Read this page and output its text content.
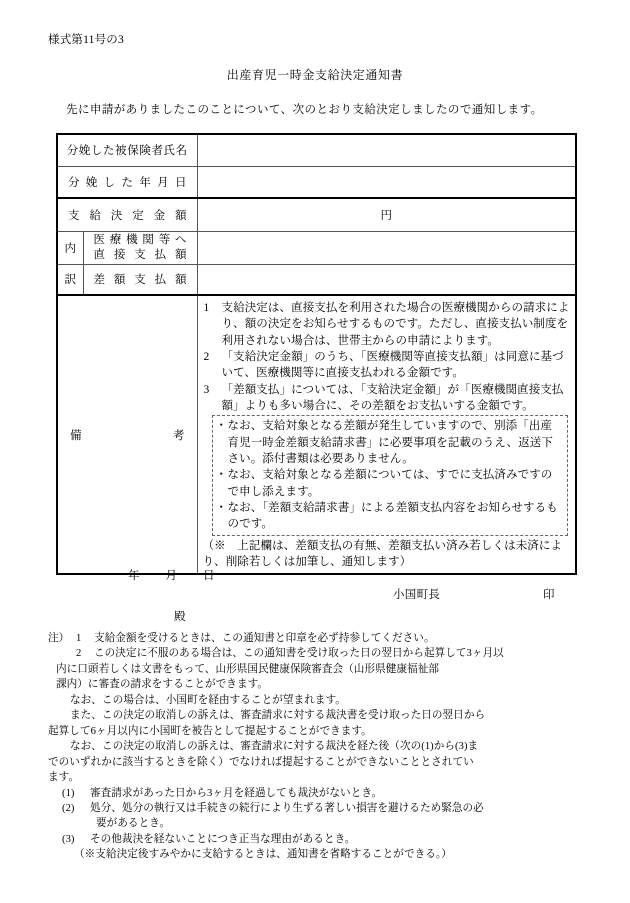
様式第11号の3
出産育児一時金支給決定通知書
先に申請がありましたこのことについて、次のとおり支給決定しましたので通知します。
分娩した被保険者氏名		

分娩した年月日		

支給決定金額		円
内	医療機関等へ
直接支払額	

訳	差額支払額	

備考

1 支給決定は、直接支払を利用された場合の医療機関からの請求により、額の決定をお知らせするものです。ただし、直接支払い制度を利用されない場合は、世帯主からの申請によります。
2 「支給決定金額」のうち、「医療機関等直接支払額」は同意に基づいて、医療機関等に直接支払われる金額です。
3 「差額支払」については、「支給決定金額」が「医療機関直接支払額」よりも多い場合に、その差額をお支払いする金額です。
・ なお、支給対象となる差額が発生していますので、別添「出産育児一時金差額支給請求書」に必要事項を記載のうえ、返送下さい。添付書類は必要ありません。
・ なお、支給対象となる差額については、すでに支払済みですので申し添えます。
・ なお、「差額支給請求書」による差額支払内容をお知らせするものです。
（※　上記欄は、差額支払の有無、差額支払い済み若しくは未済により、削除若しくは加筆し、通知します）
年 月 日
小国町長	印
殿
注） 1 支給金額を受けるときは、この通知書と印章を必ず持参してください。
2 この決定に不服のある場合は、この通知書を受け取った日の翌日から起算して3ヶ月以
内に口頭若しくは文書をもって、山形県国民健康保険審査会（山形県健康福祉部
課内）に審査の請求をすることができます。
なお、この場合は、小国町を経由することが望まれます。
また、この決定の取消しの訴えは、審査請求に対する裁決書を受け取った日の翌日から
起算して6ヶ月以内に小国町を被告として提起することができます。
なお、この決定の取消しの訴えは、審査請求に対する裁決を経た後（次の(1)から(3)ま
でのいずれかに該当するときを除く）でなければ提起することができないこととされてい
ます。
(1) 審査請求があった日から3ヶ月を経過しても裁決がないとき。
(2) 処分、処分の執行又は手続きの続行により生ずる著しい損害を避けるため緊急の必
要があるとき。
(3) その他裁決を経ないことにつき正当な理由があるとき。
（※支給決定後すみやかに支給するときは、通知書を省略することができる。）
